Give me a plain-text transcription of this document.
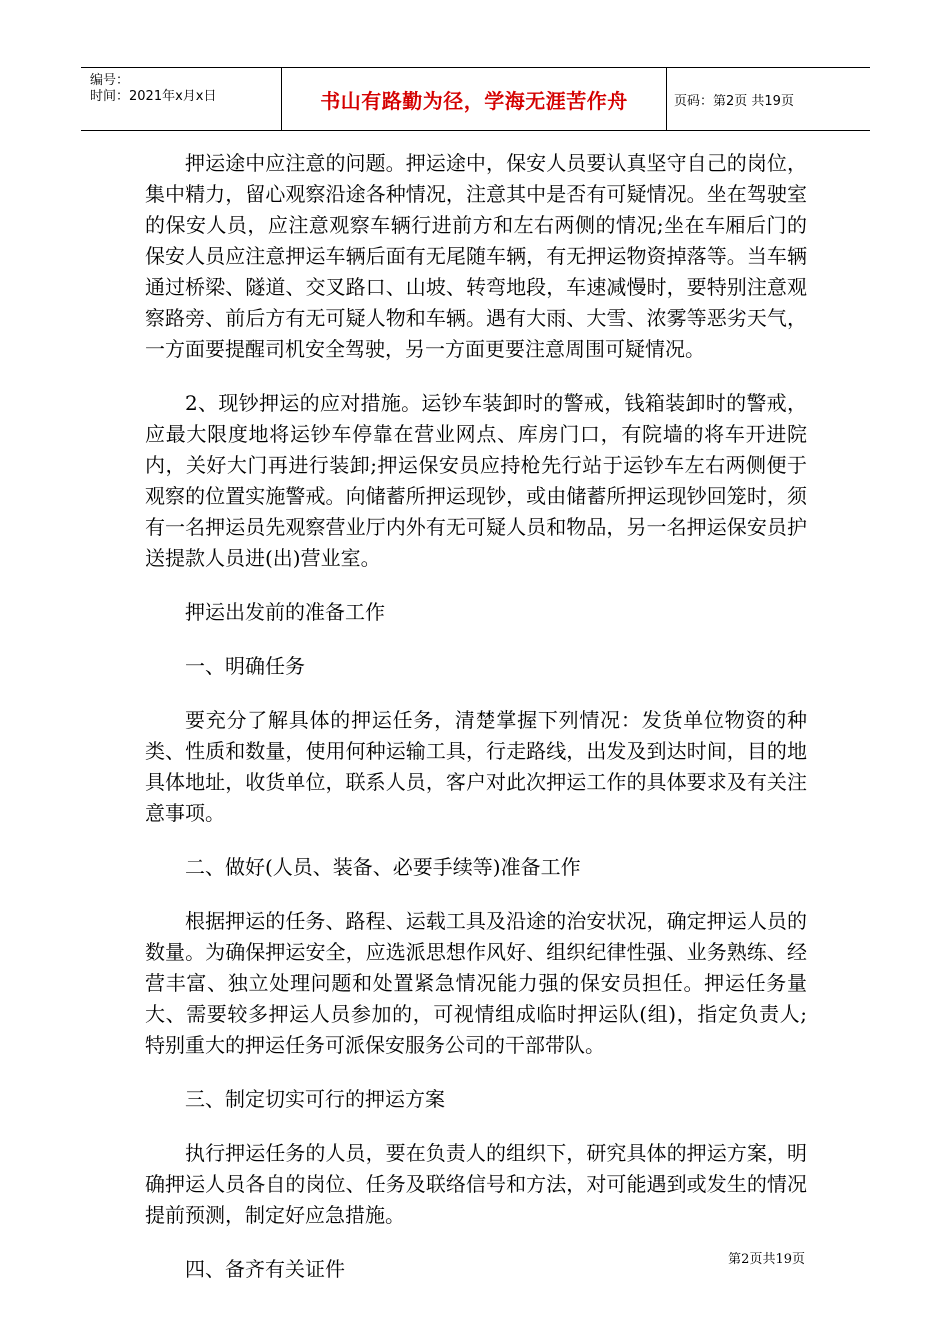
编号：
时间：2021年x月x日	书山有路勤为径，学海无涯苦作舟	页码：第2页 共19页

押运途中应注意的问题。押运途中，保安人员要认真坚守自己的岗位，集中精力，留心观察沿途各种情况，注意其中是否有可疑情况。坐在驾驶室的保安人员，应注意观察车辆行进前方和左右两侧的情况;坐在车厢后门的保安人员应注意押运车辆后面有无尾随车辆，有无押运物资掉落等。当车辆通过桥梁、隧道、交叉路口、山坡、转弯地段，车速减慢时，要特别注意观察路旁、前后方有无可疑人物和车辆。遇有大雨、大雪、浓雾等恶劣天气，一方面要提醒司机安全驾驶，另一方面更要注意周围可疑情况。

2、现钞押运的应对措施。运钞车装卸时的警戒，钱箱装卸时的警戒，应最大限度地将运钞车停靠在营业网点、库房门口，有院墙的将车开进院内，关好大门再进行装卸;押运保安员应持枪先行站于运钞车左右两侧便于观察的位置实施警戒。向储蓄所押运现钞，或由储蓄所押运现钞回笼时，须有一名押运员先观察营业厅内外有无可疑人员和物品，另一名押运保安员护送提款人员进(出)营业室。

押运出发前的准备工作

一、明确任务

要充分了解具体的押运任务，清楚掌握下列情况：发货单位物资的种类、性质和数量，使用何种运输工具，行走路线，出发及到达时间，目的地具体地址，收货单位，联系人员，客户对此次押运工作的具体要求及有关注意事项。

二、做好(人员、装备、必要手续等)准备工作

根据押运的任务、路程、运载工具及沿途的治安状况，确定押运人员的数量。为确保押运安全，应选派思想作风好、组织纪律性强、业务熟练、经营丰富、独立处理问题和处置紧急情况能力强的保安员担任。押运任务量大、需要较多押运人员参加的，可视情组成临时押运队(组)，指定负责人;特别重大的押运任务可派保安服务公司的干部带队。

三、制定切实可行的押运方案

执行押运任务的人员，要在负责人的组织下，研究具体的押运方案，明确押运人员各自的岗位、任务及联络信号和方法，对可能遇到或发生的情况提前预测，制定好应急措施。

四、备齐有关证件	第2页共19页
